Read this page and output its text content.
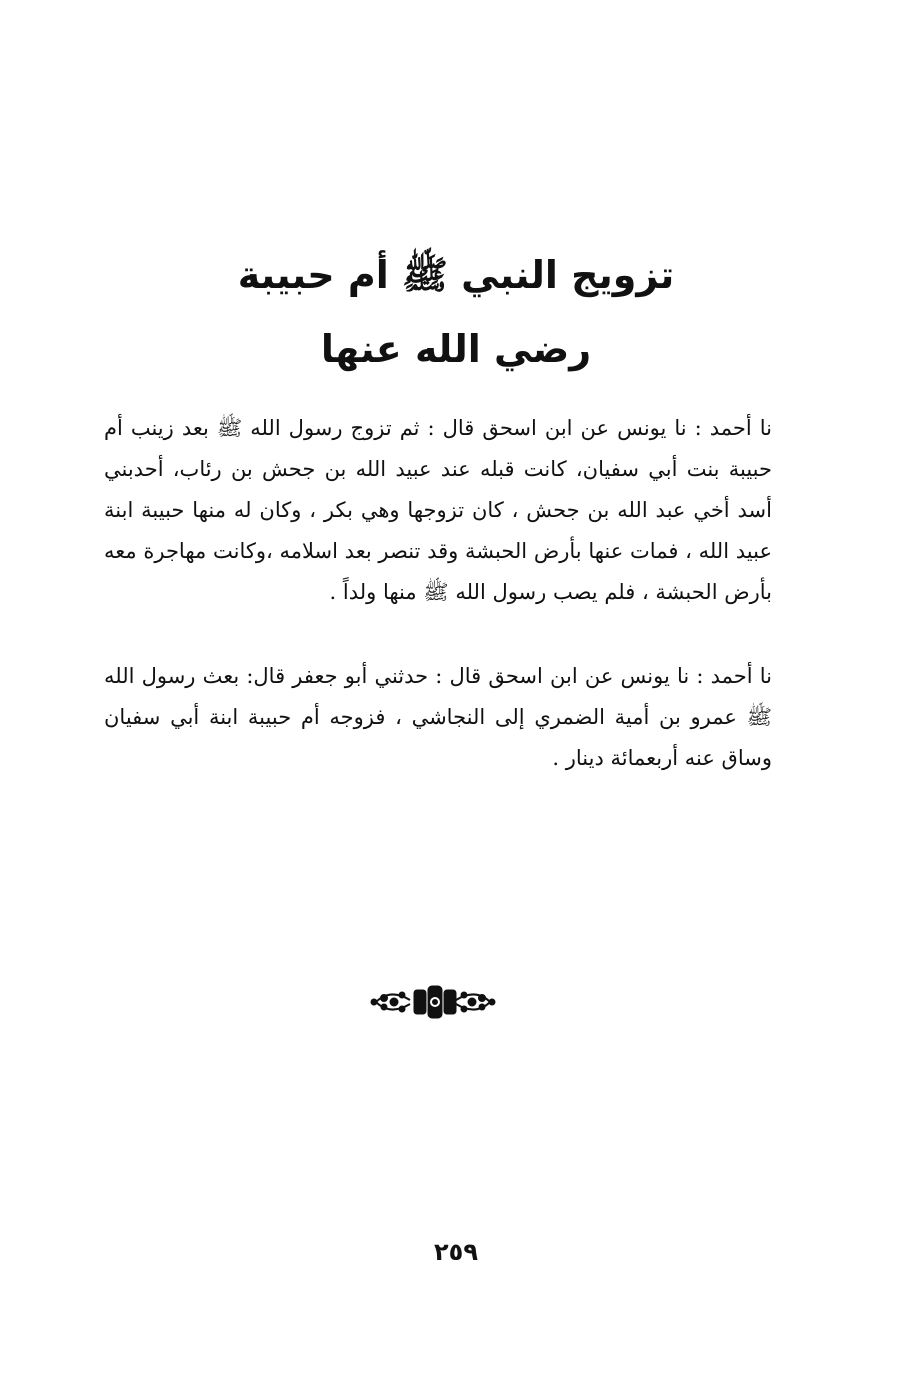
تزويج النبي ﷺ أم حبيبة

رضي الله عنها

نا أحمد : نا يونس عن ابن اسحق قال : ثم تزوج رسول الله ﷺ بعد زينب أم حبيبة بنت أبي سفيان، كانت قبله عند عبيد الله بن جحش بن رئاب، أحدبني أسد أخي عبد الله بن جحش ، كان تزوجها وهي بكر ، وكان له منها حبيبة ابنة عبيد الله ، فمات عنها بأرض الحبشة وقد تنصر بعد اسلامه ،وكانت مهاجرة معه بأرض الحبشة ، فلم يصب رسول الله ﷺ منها ولداً .

نا أحمد : نا يونس عن ابن اسحق قال : حدثني أبو جعفر قال: بعث رسول الله ﷺ عمرو بن أمية الضمري إلى النجاشي ، فزوجه أم حبيبة ابنة أبي سفيان وساق عنه أربعمائة دينار .

٢٥٩
